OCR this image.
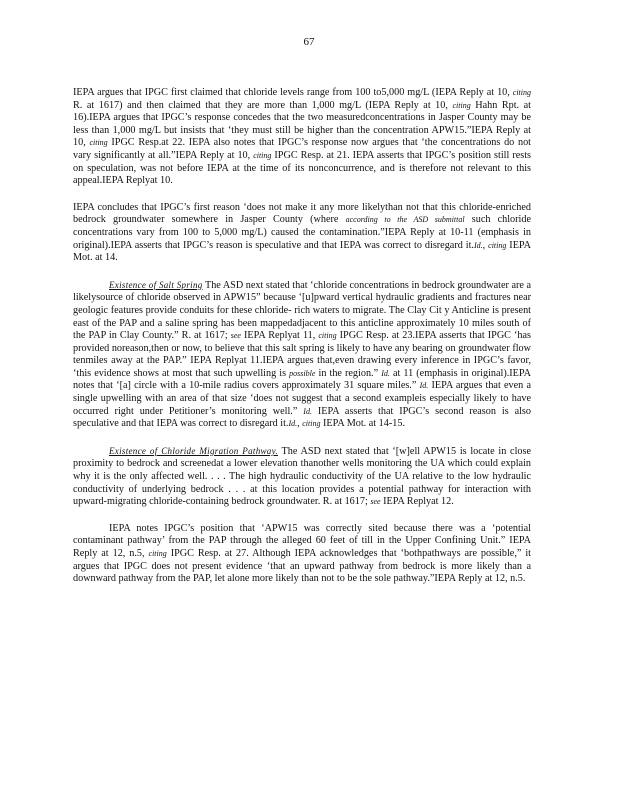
67

IEPA argues that IPGC first claimed that chloride levels range from 100 to5,000 mg/L (IEPA Reply at 10, citing R. at 1617) and then claimed that they are more than 1,000 mg/L (IEPA Reply at 10, citing Hahn Rpt. at 16).IEPA argues that IPGC’s response concedes that the two measuredconcentrations in Jasper County may be less than 1,000 mg/L but insists that ‘they must still be higher than the concentration APW15.”IEPA Reply at 10, citing IPGC Resp.at 22. IEPA also notes that IPGC’s response now argues that ‘the concentrations do not vary significantly at all.”IEPA Reply at 10, citing IPGC Resp. at 21. IEPA asserts that IPGC’s position still rests on speculation, was not before IEPA at the time of its nonconcurrence, and is therefore not relevant to this appeal.IEPA Replyat 10.

IEPA concludes that IPGC’s first reason ‘does not make it any more likelythan not that this chloride-enriched bedrock groundwater somewhere in Jasper County (where according to the ASD submittal such chloride concentrations vary from 100 to 5,000 mg/L) caused the contamination.”IEPA Reply at 10-11 (emphasis in original).IEPA asserts that IPGC’s reason is speculative and that IEPA was correct to disregard it.Id., citing IEPA Mot. at 14.

Existence of Salt Spring The ASD next stated that ‘chloride concentrations in bedrock groundwater are a likelysource of chloride observed in APW15” because ‘[u]pward vertical hydraulic gradients and fractures near geologic features provide conduits for these chloride- rich waters to migrate. The Clay Cit y Anticline is present east of the PAP and a saline spring has been mappedadjacent to this anticline approximately 10 miles south of the PAP in Clay County.” R. at 1617; see IEPA Replyat 11, citing IPGC Resp. at 23.IEPA asserts that IPGC ‘has provided noreason,then or now, to believe that this salt spring is likely to have any bearing on groundwater flow tenmiles away at the PAP.” IEPA Replyat 11.IEPA argues that,even drawing every inference in IPGC’s favor, ‘this evidence shows at most that such upwelling is possible in the region.” Id. at 11 (emphasis in original).IEPA notes that ‘[a] circle with a 10-mile radius covers approximately 31 square miles.” Id. IEPA argues that even a single upwelling with an area of that size ‘does not suggest that a second exampleis especially likely to have occurred right under Petitioner’s monitoring well.” Id. IEPA asserts that IPGC’s second reason is also speculative and that IEPA was correct to disregard it.Id., citing IEPA Mot. at 14-15.

Existence of Chloride Migration Pathway. The ASD next stated that ‘[w]ell APW15 is locate in close proximity to bedrock and screenedat a lower elevation thanother wells monitoring the UA which could explain why it is the only affected well. . . . The high hydraulic conductivity of the UA relative to the low hydraulic conductivity of underlying bedrock . . . at this location provides a potential pathway for interaction with upward-migrating chloride-containing bedrock groundwater. R. at 1617; see IEPA Replyat 12.

IEPA notes IPGC’s position that ‘APW15 was correctly sited because there was a ‘potential contaminant pathway’ from the PAP through the alleged 60 feet of till in the Upper Confining Unit.” IEPA Reply at 12, n.5, citing IPGC Resp. at 27. Although IEPA acknowledges that ‘bothpathways are possible,” it argues that IPGC does not present evidence ‘that an upward pathway from bedrock is more likely than a downward pathway from the PAP, let alone more likely than not to be the sole pathway.”IEPA Reply at 12, n.5.
